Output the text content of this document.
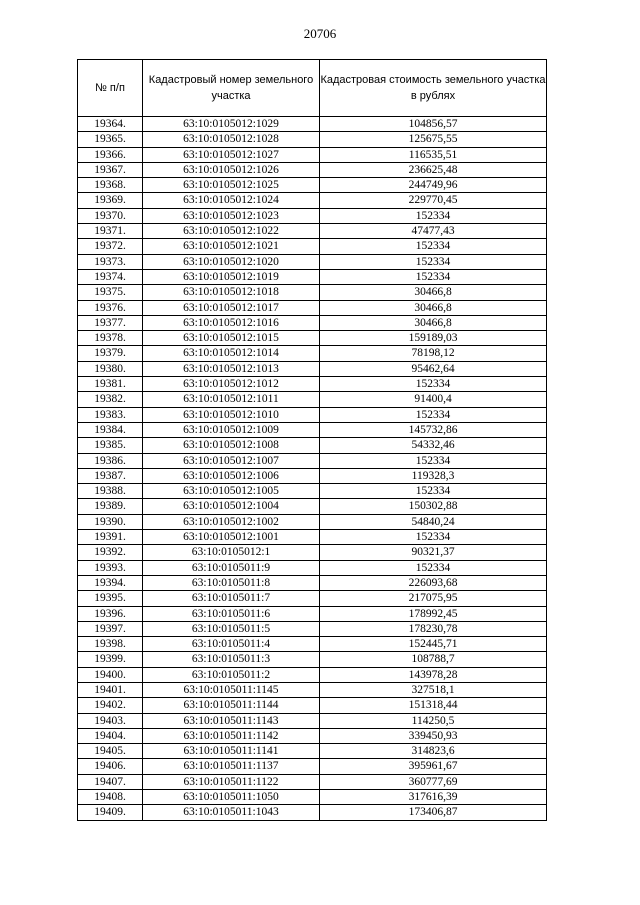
20706
№ п/п	Кадастровый номер земельного участка	Кадастровая стоимость земельного участка в рублях
19364.	63:10:0105012:1029	104856,57
19365.	63:10:0105012:1028	125675,55
19366.	63:10:0105012:1027	116535,51
19367.	63:10:0105012:1026	236625,48
19368.	63:10:0105012:1025	244749,96
19369.	63:10:0105012:1024	229770,45
19370.	63:10:0105012:1023	152334
19371.	63:10:0105012:1022	47477,43
19372.	63:10:0105012:1021	152334
19373.	63:10:0105012:1020	152334
19374.	63:10:0105012:1019	152334
19375.	63:10:0105012:1018	30466,8
19376.	63:10:0105012:1017	30466,8
19377.	63:10:0105012:1016	30466,8
19378.	63:10:0105012:1015	159189,03
19379.	63:10:0105012:1014	78198,12
19380.	63:10:0105012:1013	95462,64
19381.	63:10:0105012:1012	152334
19382.	63:10:0105012:1011	91400,4
19383.	63:10:0105012:1010	152334
19384.	63:10:0105012:1009	145732,86
19385.	63:10:0105012:1008	54332,46
19386.	63:10:0105012:1007	152334
19387.	63:10:0105012:1006	119328,3
19388.	63:10:0105012:1005	152334
19389.	63:10:0105012:1004	150302,88
19390.	63:10:0105012:1002	54840,24
19391.	63:10:0105012:1001	152334
19392.	63:10:0105012:1	90321,37
19393.	63:10:0105011:9	152334
19394.	63:10:0105011:8	226093,68
19395.	63:10:0105011:7	217075,95
19396.	63:10:0105011:6	178992,45
19397.	63:10:0105011:5	178230,78
19398.	63:10:0105011:4	152445,71
19399.	63:10:0105011:3	108788,7
19400.	63:10:0105011:2	143978,28
19401.	63:10:0105011:1145	327518,1
19402.	63:10:0105011:1144	151318,44
19403.	63:10:0105011:1143	114250,5
19404.	63:10:0105011:1142	339450,93
19405.	63:10:0105011:1141	314823,6
19406.	63:10:0105011:1137	395961,67
19407.	63:10:0105011:1122	360777,69
19408.	63:10:0105011:1050	317616,39
19409.	63:10:0105011:1043	173406,87
